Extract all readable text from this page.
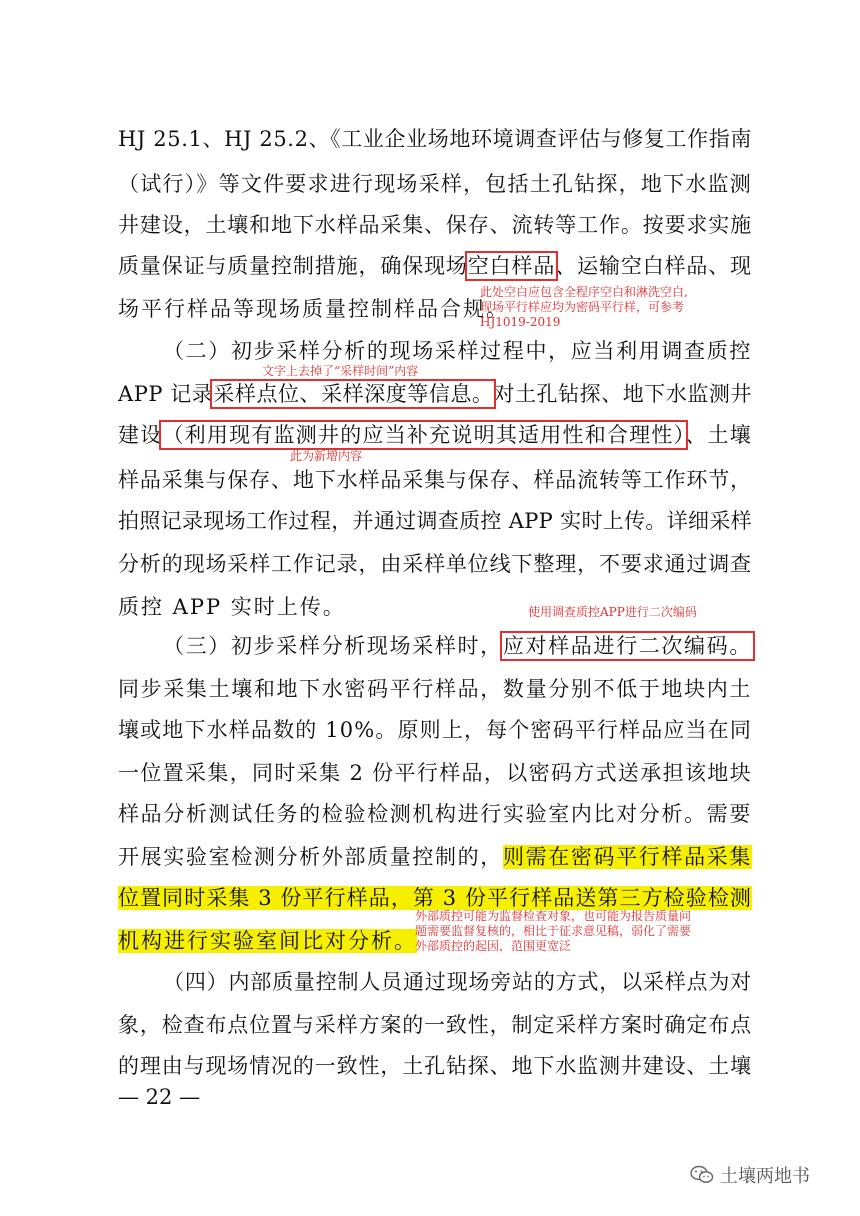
HJ 25.1、HJ 25.2、《工业企业场地环境调查评估与修复工作指南
（试行）》等文件要求进行现场采样，包括土孔钻探，地下水监测
井建设，土壤和地下水样品采集、保存、流转等工作。按要求实施
质量保证与质量控制措施，确保现场空白样品、运输空白样品、现
场平行样品等现场质量控制样品合规。
（二）初步采样分析的现场采样过程中，应当利用调查质控
APP 记录采样点位、采样深度等信息。对土孔钻探、地下水监测井
建设（利用现有监测井的应当补充说明其适用性和合理性）、土壤
样品采集与保存、地下水样品采集与保存、样品流转等工作环节，
拍照记录现场工作过程，并通过调查质控 APP 实时上传。详细采样
分析的现场采样工作记录，由采样单位线下整理，不要求通过调查
质控 APP 实时上传。
（三）初步采样分析现场采样时，应对样品进行二次编码。
同步采集土壤和地下水密码平行样品，数量分别不低于地块内土
壤或地下水样品数的 10%。原则上，每个密码平行样品应当在同
一位置采集，同时采集 2 份平行样品，以密码方式送承担该地块
样品分析测试任务的检验检测机构进行实验室内比对分析。需要
开展实验室检测分析外部质量控制的，则需在密码平行样品采集
位置同时采集 3 份平行样品，第 3 份平行样品送第三方检验检测
机构进行实验室间比对分析。
（四）内部质量控制人员通过现场旁站的方式，以采样点为对
象，检查布点位置与采样方案的一致性，制定采样方案时确定布点
的理由与现场情况的一致性，土孔钻探、地下水监测井建设、土壤
此处空白应包含全程序空白和淋洗空白,
现场平行样应均为密码平行样，可参考
HJ1019-2019
文字上去掉了“采样时间”内容
此为新增内容
使用调查质控APP进行二次编码
外部质控可能为监督检查对象，也可能为报告质量问
题需要监督复核的，相比于征求意见稿，弱化了需要
外部质控的起因，范围更宽泛
— 22 —
土壤两地书
